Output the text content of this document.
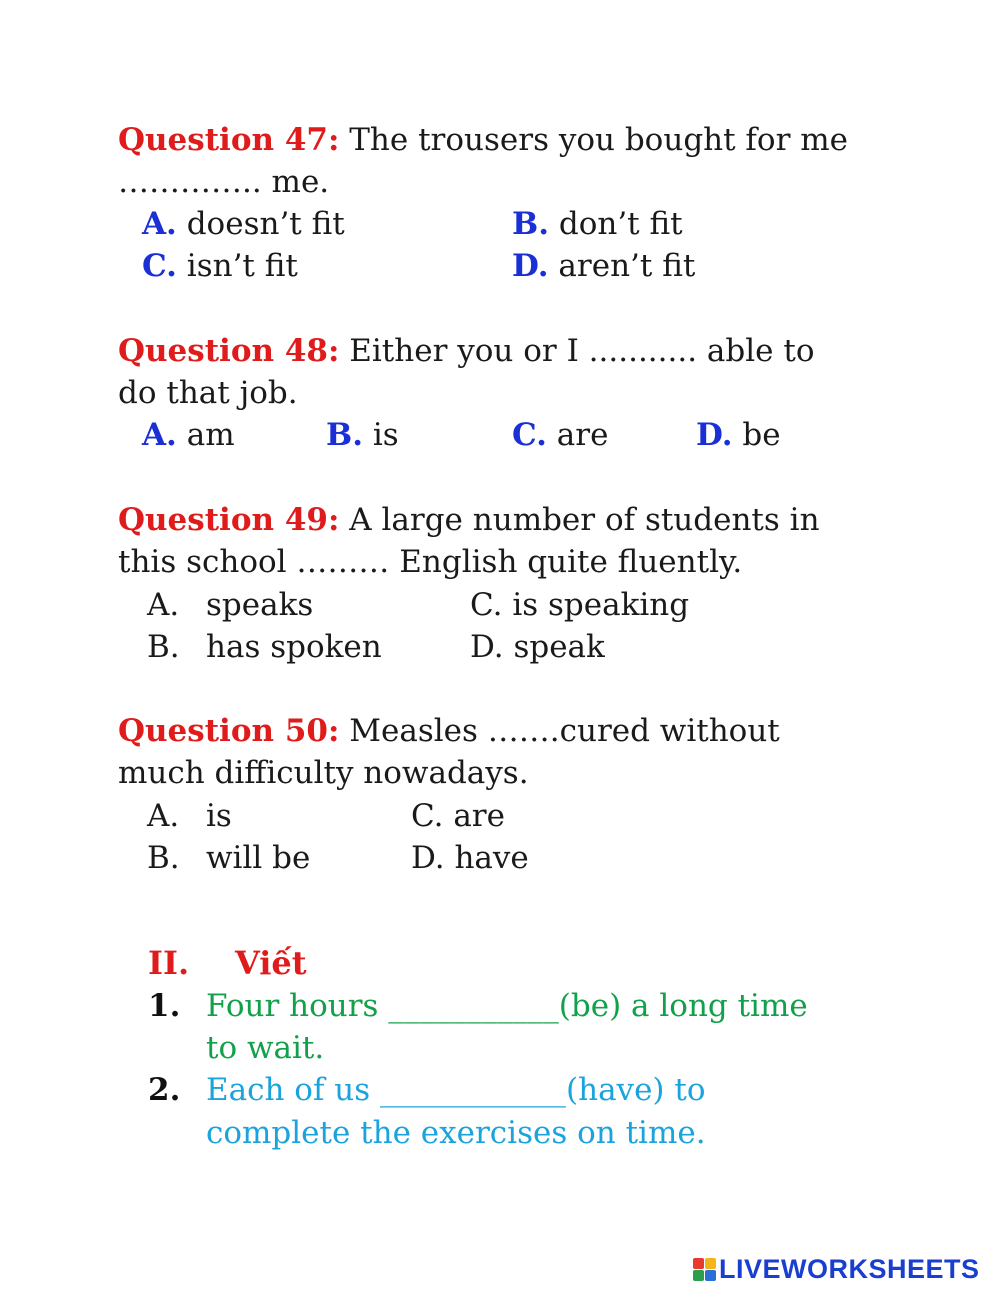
Question 47: The trousers you bought for me
………….. me.
A. doesn’t fit	B. don’t fit
C. isn’t fit	D. aren’t fit
Question 48: Either you or I ........... able to
do that job.
A. am	B. is	C. are	D. be
Question 49: A large number of students in
this school ……… English quite fluently.
A. speaks	C. is speaking
B. has spoken	D. speak
Question 50: Measles …….cured without
much difficulty nowadays.
A. is	C. are
B. will be	D. have
II. Viết
1. Four hours ___________(be) a long time
to wait.
2. Each of us ____________(have) to
complete the exercises on time.
LIVEWORKSHEETS
